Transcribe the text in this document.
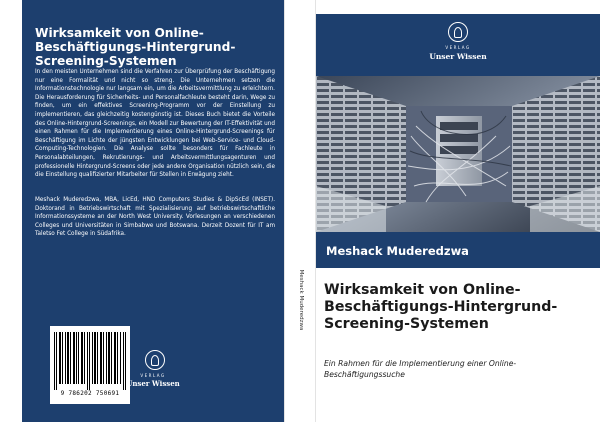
Wirksamkeit von Online-Beschäftigungs-Hintergrund-Screening-Systemen
In den meisten Unternehmen sind die Verfahren zur Überprüfung der Beschäftigung nur eine Formalität und nicht so streng. Die Unternehmen setzen die Informationstechnologie nur langsam ein, um die Arbeitsvermittlung zu erleichtern. Die Herausforderung für Sicherheits- und Personalfachleute besteht darin, Wege zu finden, um ein effektives Screening-Programm vor der Einstellung zu implementieren, das gleichzeitig kostengünstig ist. Dieses Buch bietet die Vorteile des Online-Hintergrund-Screenings, ein Modell zur Bewertung der IT-Effektivität und einen Rahmen für die Implementierung eines Online-Hintergrund-Screenings für Beschäftigung im Lichte der jüngsten Entwicklungen bei Web-Service- und Cloud-Computing-Technologien. Die Analyse sollte besonders für Fachleute in Personalabteilungen, Rekrutierungs- und Arbeitsvermittlungsagenturen und professionelle Hintergrund-Screens oder jede andere Organisation nützlich sein, die die Einstellung qualifizierter Mitarbeiter für Stellen in Erwägung zieht.
Meshack Muderedzwa, MBA, LicEd, HND Computers Studies & DipScEd (INSET). Doktorand in Betriebswirtschaft mit Spezialisierung auf betriebswirtschaftliche Informationssysteme an der North West University. Vorlesungen an verschiedenen Colleges und Universitäten in Simbabwe und Botswana. Derzeit Dozent für IT am Taletso Fet College in Südafrika.
9 786202 750691
VERLAG
Unser Wissen
Meshack Muderedzwa
VERLAG
Unser Wissen
Meshack Muderedzwa
Wirksamkeit von Online-Beschäftigungs-Hintergrund-Screening-Systemen
Ein Rahmen für die Implementierung einer Online-Beschäftigungssuche
